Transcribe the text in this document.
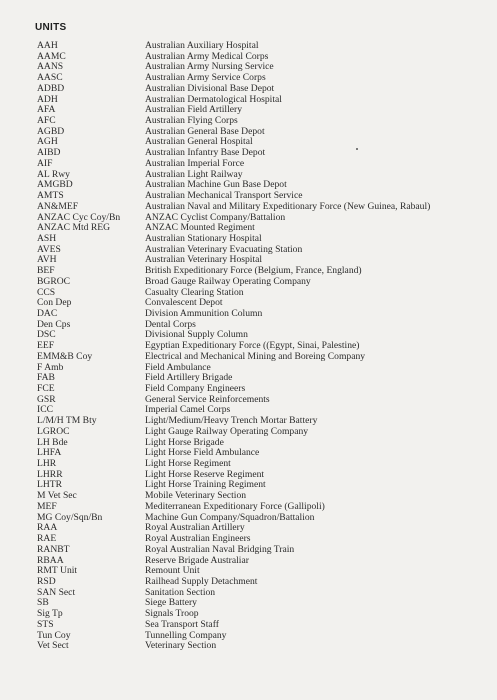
UNITS
AAH	Australian Auxiliary Hospital
AAMC	Australian Army Medical Corps
AANS	Australian Army Nursing Service
AASC	Australian Army Service Corps
ADBD	Australian Divisional Base Depot
ADH	Australian Dermatological Hospital
AFA	Australian Field Artillery
AFC	Australian Flying Corps
AGBD	Australian General Base Depot
AGH	Australian General Hospital
AIBD	Australian Infantry Base Depot
AIF	Australian Imperial Force
AL Rwy	Australian Light Railway
AMGBD	Australian Machine Gun Base Depot
AMTS	Australian Mechanical Transport Service
AN&MEF	Australian Naval and Military Expeditionary Force (New Guinea, Rabaul)
ANZAC Cyc Coy/Bn	ANZAC Cyclist Company/Battalion
ANZAC Mtd REG	ANZAC Mounted Regiment
ASH	Australian Stationary Hospital
AVES	Australian Veterinary Evacuating Station
AVH	Australian Veterinary Hospital
BEF	British Expeditionary Force (Belgium, France, England)
BGROC	Broad Gauge Railway Operating Company
CCS	Casualty Clearing Station
Con Dep	Convalescent Depot
DAC	Division Ammunition Column
Den Cps	Dental Corps
DSC	Divisional Supply Column
EEF	Egyptian Expeditionary Force ((Egypt, Sinai, Palestine)
EMM&B Coy	Electrical and Mechanical Mining and Boreing Company
F Amb	Field Ambulance
FAB	Field Artillery Brigade
FCE	Field Company Engineers
GSR	General Service Reinforcements
ICC	Imperial Camel Corps
L/M/H TM Bty	Light/Medium/Heavy Trench Mortar Battery
LGROC	Light Gauge Railway Operating Company
LH Bde	Light Horse Brigade
LHFA	Light Horse Field Ambulance
LHR	Light Horse Regiment
LHRR	Light Horse Reserve Regiment
LHTR	Light Horse Training Regiment
M Vet Sec	Mobile Veterinary Section
MEF	Mediterranean Expeditionary Force (Gallipoli)
MG Coy/Sqn/Bn	Machine Gun Company/Squadron/Battalion
RAA	Royal Australian Artillery
RAE	Royal Australian Engineers
RANBT	Royal Australian Naval Bridging Train
RBAA	Reserve Brigade Australiar
RMT Unit	Remount Unit
RSD	Railhead Supply Detachment
SAN Sect	Sanitation Section
SB	Siege Battery
Sig Tp	Signals Troop
STS	Sea Transport Staff
Tun Coy	Tunnelling Company
Vet Sect	Veterinary Section
